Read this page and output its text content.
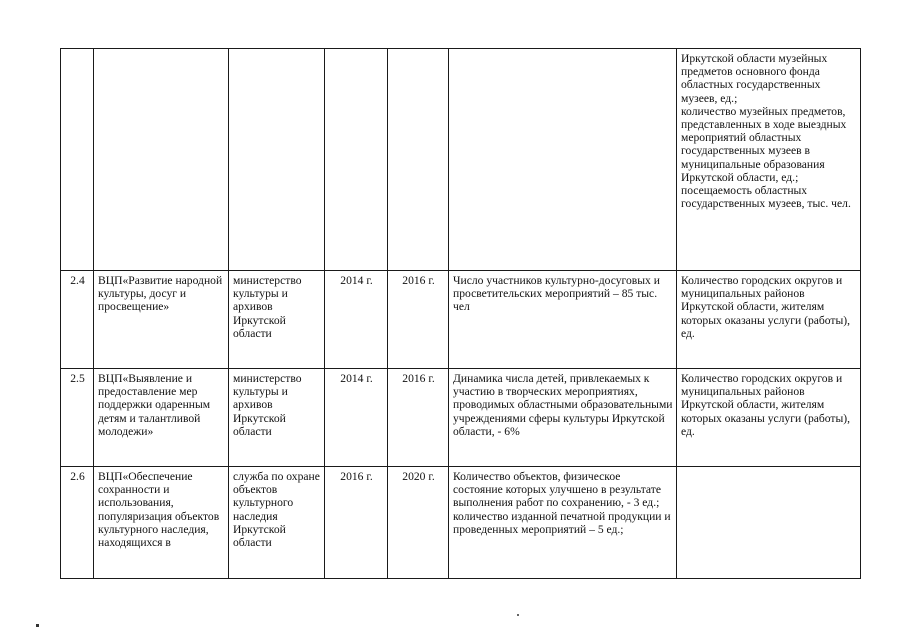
						Иркутской области музейных предметов основного фонда областных государственных музеев, ед.;
количество музейных предметов, представленных в ходе выездных мероприятий областных государственных музеев в муниципальные образования Иркутской области, ед.;
посещаемость областных государственных музеев, тыс. чел.

2.4	ВЦП«Развитие народной культуры, досуг и просвещение»	министерство культуры и архивов Иркутской области	2014 г.	2016 г.	Число участников культурно-досуговых и просветительских мероприятий – 85 тыс. чел	Количество городских округов и муниципальных районов Иркутской области, жителям которых оказаны услуги (работы), ед.

2.5	ВЦП«Выявление и предоставление мер поддержки одаренным детям и талантливой молодежи»	министерство культуры и архивов Иркутской области	2014 г.	2016 г.	Динамика числа детей, привлекаемых к участию в творческих мероприятиях, проводимых областными образовательными учреждениями сферы культуры Иркутской области, - 6%	Количество городских округов и муниципальных районов Иркутской области, жителям которых оказаны услуги (работы), ед.

2.6	ВЦП«Обеспечение сохранности и использования, популяризация объектов культурного наследия, находящихся в	служба по охране объектов культурного наследия Иркутской области	2016 г.	2020 г.	Количество объектов, физическое состояние которых улучшено в результате выполнения работ по сохранению, - 3 ед.;
количество изданной печатной продукции и проведенных мероприятий – 5 ед.;	
